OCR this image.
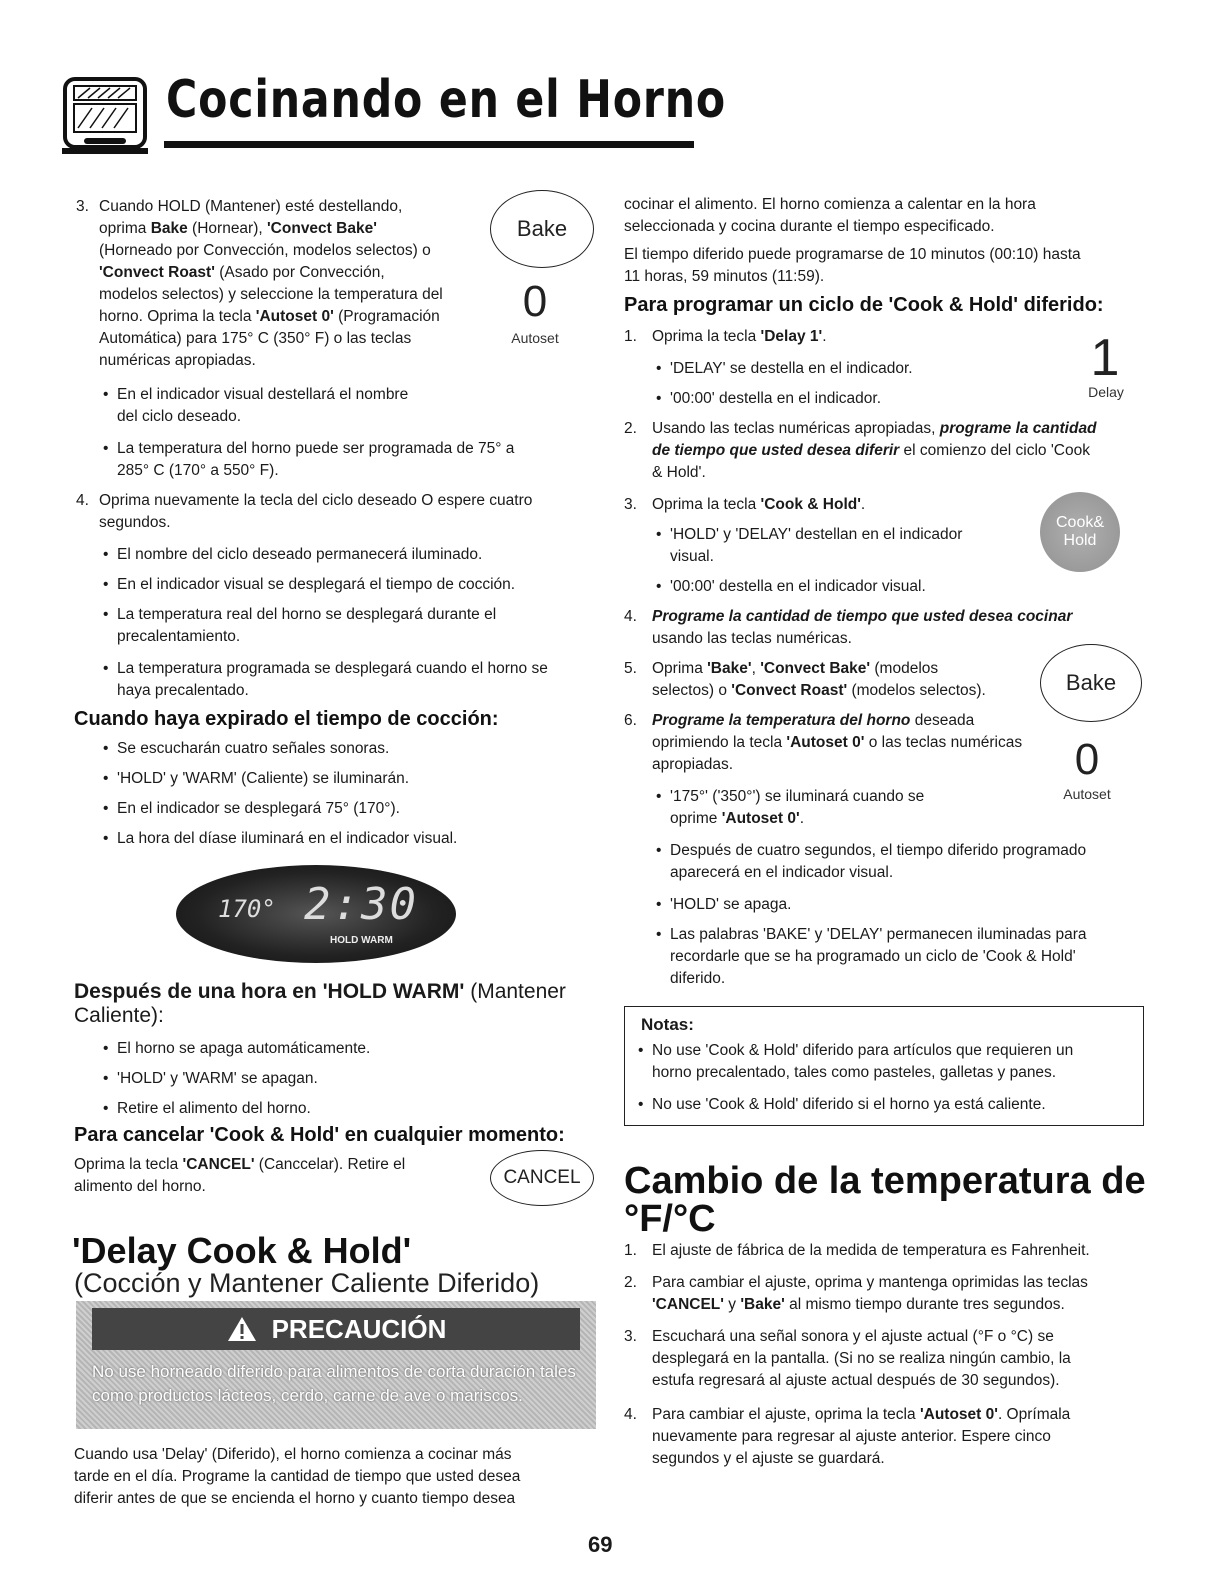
Cocinando en el Horno
3. Cuando HOLD (Mantener) esté destellando,
oprima Bake (Hornear), 'Convect Bake'
(Horneado por Convección, modelos selectos) o
'Convect Roast' (Asado por Convección,
modelos selectos) y seleccione la temperatura del
horno. Oprima la tecla 'Autoset 0' (Programación
Automática) para 175° C (350° F) o las teclas
numéricas apropiadas.
• En el indicador visual destellará el nombre
del ciclo deseado.
• La temperatura del horno puede ser programada de 75° a
285° C (170° a 550° F).
4. Oprima nuevamente la tecla del ciclo deseado O espere cuatro
segundos.
• El nombre del ciclo deseado permanecerá iluminado.
• En el indicador visual se desplegará el tiempo de cocción.
• La temperatura real del horno se desplegará durante el
precalentamiento.
• La temperatura programada se desplegará cuando el horno se
haya precalentado.
Cuando haya expirado el tiempo de cocción:
• Se escucharán cuatro señales sonoras.
• 'HOLD' y 'WARM' (Caliente) se iluminarán.
• En el indicador se desplegará 75° (170°).
• La hora del díase iluminará en el indicador visual.
170° 2:30
HOLD WARM
Después de una hora en 'HOLD WARM' (Mantener
Caliente):
• El horno se apaga automáticamente.
• 'HOLD' y 'WARM' se apagan.
• Retire el alimento del horno.
Para cancelar 'Cook & Hold' en cualquier momento:
Oprima la tecla 'CANCEL' (Canccelar). Retire el
alimento del horno.
'Delay Cook & Hold'
(Cocción y Mantener Caliente Diferido)
PRECAUCIÓN
No use horneado diferido para alimentos de corta duración tales
como productos lácteos, cerdo, carne de ave o mariscos.
Cuando usa 'Delay' (Diferido), el horno comienza a cocinar más
tarde en el día. Programe la cantidad de tiempo que usted desea
diferir antes de que se encienda el horno y cuanto tiempo desea
Bake
0
Autoset
CANCEL
cocinar el alimento. El horno comienza a calentar en la hora
seleccionada y cocina durante el tiempo especificado.
El tiempo diferido puede programarse de 10 minutos (00:10) hasta
11 horas, 59 minutos (11:59).
Para programar un ciclo de 'Cook & Hold' diferido:
1. Oprima la tecla 'Delay 1'.
• 'DELAY' se destella en el indicador.
• '00:00' destella en el indicador.
2. Usando las teclas numéricas apropiadas, programe la cantidad
de tiempo que usted desea diferir el comienzo del ciclo 'Cook
& Hold'.
3. Oprima la tecla 'Cook & Hold'.
• 'HOLD' y 'DELAY' destellan en el indicador
visual.
• '00:00' destella en el indicador visual.
4. Programe la cantidad de tiempo que usted desea cocinar
usando las teclas numéricas.
5. Oprima 'Bake', 'Convect Bake' (modelos
selectos) o 'Convect Roast' (modelos selectos).
6. Programe la temperatura del horno deseada
oprimiendo la tecla 'Autoset 0' o las teclas numéricas
apropiadas.
• '175°' ('350°') se iluminará cuando se
oprime 'Autoset 0'.
• Después de cuatro segundos, el tiempo diferido programado
aparecerá en el indicador visual.
• 'HOLD' se apaga.
• Las palabras 'BAKE' y 'DELAY' permanecen iluminadas para
recordarle que se ha programado un ciclo de 'Cook & Hold'
diferido.
Notas:
• No use 'Cook & Hold' diferido para artículos que requieren un
horno precalentado, tales como pasteles, galletas y panes.
• No use 'Cook & Hold' diferido si el horno ya está caliente.
Cambio de la temperatura de
°F/°C
1. El ajuste de fábrica de la medida de temperatura es Fahrenheit.
2. Para cambiar el ajuste, oprima y mantenga oprimidas las teclas
'CANCEL' y 'Bake' al mismo tiempo durante tres segundos.
3. Escuchará una señal sonora y el ajuste actual (°F o °C) se
desplegará en la pantalla. (Si no se realiza ningún cambio, la
estufa regresará al ajuste actual después de 30 segundos).
4. Para cambiar el ajuste, oprima la tecla 'Autoset 0'. Oprímala
nuevamente para regresar al ajuste anterior. Espere cinco
segundos y el ajuste se guardará.
1
Delay
Cook&
Hold
Bake
0
Autoset
69
